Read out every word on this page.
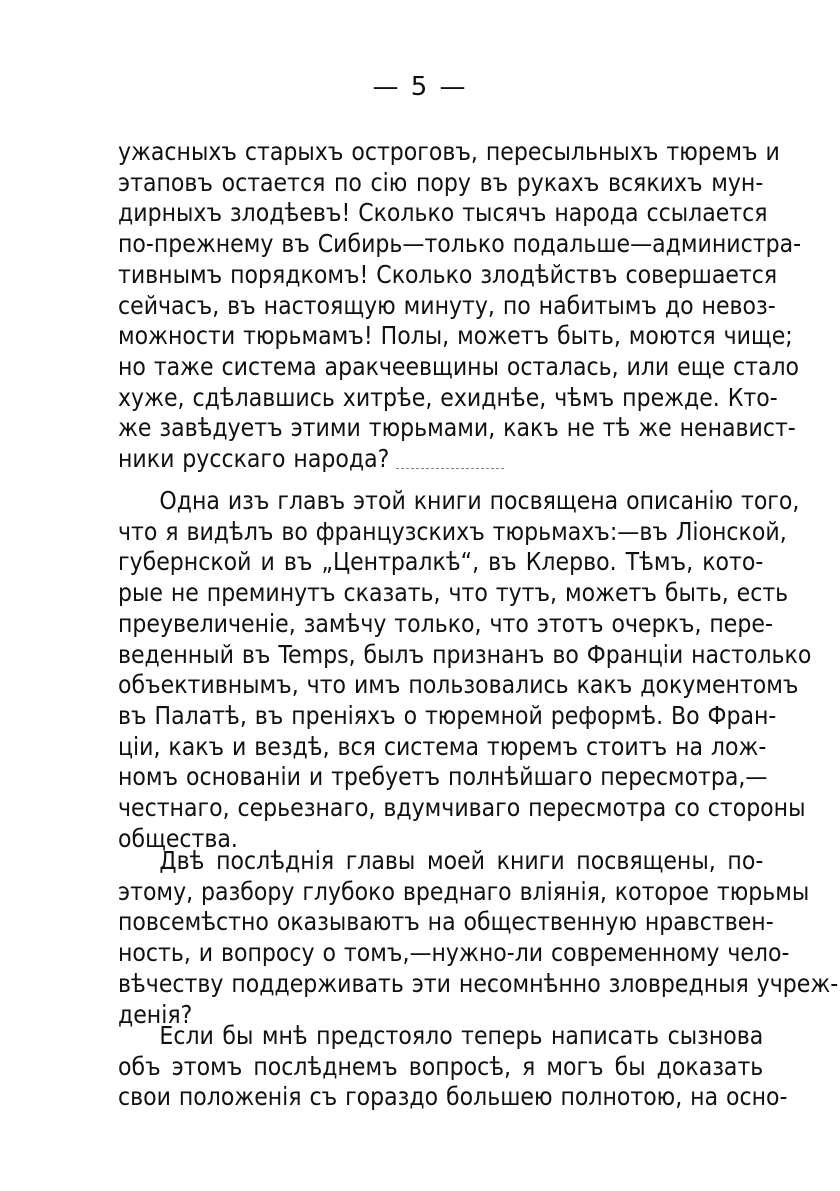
— 5 —
ужасныхъ старыхъ остроговъ, пересыльныхъ тюремъ и
этаповъ остается по сію пору въ рукахъ всякихъ мун-
дирныхъ злодѣевъ! Сколько тысячъ народа ссылается
по-прежнему въ Сибирь—только подальше—администра-
тивнымъ порядкомъ! Сколько злодѣйствъ совершается
сейчасъ, въ настоящую минуту, по набитымъ до невоз-
можности тюрьмамъ! Полы, можетъ быть, моются чище;
но таже система аракчеевщины осталась, или еще стало
хуже, сдѣлавшись хитрѣе, ехиднѣе, чѣмъ прежде. Кто-
же завѣдуетъ этими тюрьмами, какъ не тѣ же ненавист-
ники русскаго народа?
Одна изъ главъ этой книги посвящена описанію того,
что я видѣлъ во французскихъ тюрьмахъ:—въ Ліонской,
губернской и въ „Централкѣ“, въ Клерво. Тѣмъ, кото-
рые не преминутъ сказать, что тутъ, можетъ быть, есть
преувеличеніе, замѣчу только, что этотъ очеркъ, пере-
веденный въ Temps, былъ признанъ во Франціи настолько
объективнымъ, что имъ пользовались какъ документомъ
въ Палатѣ, въ преніяхъ о тюремной реформѣ. Во Фран-
ціи, какъ и вездѣ, вся система тюремъ стоитъ на лож-
номъ основаніи и требуетъ полнѣйшаго пересмотра,—
честнаго, серьезнаго, вдумчиваго пересмотра со стороны
общества.
Двѣ послѣднія главы моей книги посвящены, по-
этому, разбору глубоко вреднаго вліянія, которое тюрьмы
повсемѣстно оказываютъ на общественную нравствен-
ность, и вопросу о томъ,—нужно-ли современному чело-
вѣчеству поддерживать эти несомнѣнно зловредныя учреж-
денія?
Если бы мнѣ предстояло теперь написать сызнова
объ этомъ послѣднемъ вопросѣ, я могъ бы доказать
свои положенія съ гораздо большею полнотою, на осно-
